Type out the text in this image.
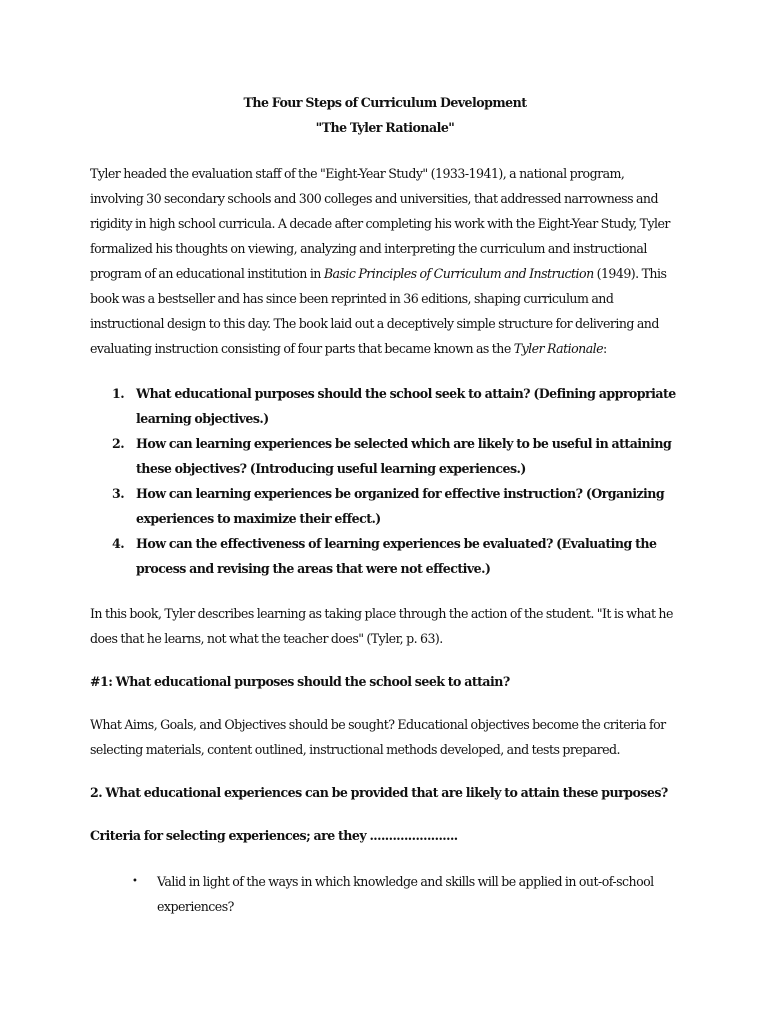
The Four Steps of Curriculum Development

"The Tyler Rationale"

Tyler headed the evaluation staff of the "Eight-Year Study" (1933-1941), a national program, involving 30 secondary schools and 300 colleges and universities, that addressed narrowness and rigidity in high school curricula. A decade after completing his work with the Eight-Year Study, Tyler formalized his thoughts on viewing, analyzing and interpreting the curriculum and instructional program of an educational institution in Basic Principles of Curriculum and Instruction (1949). This book was a bestseller and has since been reprinted in 36 editions, shaping curriculum and instructional design to this day. The book laid out a deceptively simple structure for delivering and evaluating instruction consisting of four parts that became known as the Tyler Rationale:

1. What educational purposes should the school seek to attain? (Defining appropriate learning objectives.)
2. How can learning experiences be selected which are likely to be useful in attaining these objectives? (Introducing useful learning experiences.)
3. How can learning experiences be organized for effective instruction? (Organizing experiences to maximize their effect.)
4. How can the effectiveness of learning experiences be evaluated? (Evaluating the process and revising the areas that were not effective.)

In this book, Tyler describes learning as taking place through the action of the student. "It is what he does that he learns, not what the teacher does" (Tyler, p. 63).

#1: What educational purposes should the school seek to attain?

What Aims, Goals, and Objectives should be sought? Educational objectives become the criteria for selecting materials, content outlined, instructional methods developed, and tests prepared.

2. What educational experiences can be provided that are likely to attain these purposes?

Criteria for selecting experiences; are they .......................

• Valid in light of the ways in which knowledge and skills will be applied in out-of-school experiences?
